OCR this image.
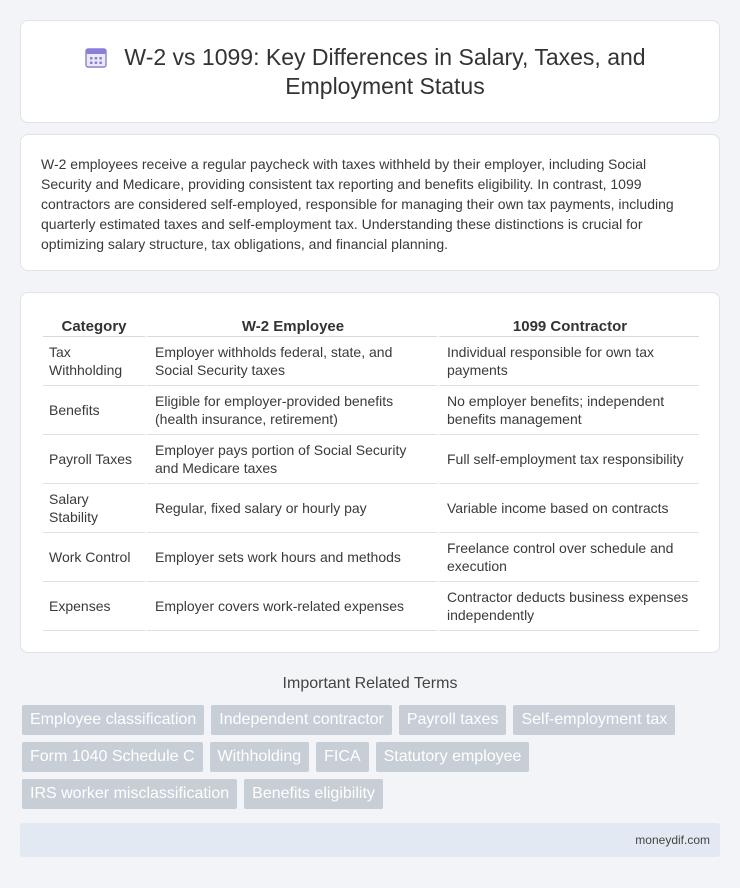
W-2 vs 1099: Key Differences in Salary, Taxes, and Employment Status

W-2 employees receive a regular paycheck with taxes withheld by their employer, including Social Security and Medicare, providing consistent tax reporting and benefits eligibility. In contrast, 1099 contractors are considered self-employed, responsible for managing their own tax payments, including quarterly estimated taxes and self-employment tax. Understanding these distinctions is crucial for optimizing salary structure, tax obligations, and financial planning.

Category	W-2 Employee	1099 Contractor
Tax Withholding	Employer withholds federal, state, and Social Security taxes	Individual responsible for own tax payments
Benefits	Eligible for employer-provided benefits (health insurance, retirement)	No employer benefits; independent benefits management
Payroll Taxes	Employer pays portion of Social Security and Medicare taxes	Full self-employment tax responsibility
Salary Stability	Regular, fixed salary or hourly pay	Variable income based on contracts
Work Control	Employer sets work hours and methods	Freelance control over schedule and execution
Expenses	Employer covers work-related expenses	Contractor deducts business expenses independently
Important Related Terms
Employee classification	Independent contractor	Payroll taxes	Self-employment tax
Form 1040 Schedule C	Withholding	FICA	Statutory employee
IRS worker misclassification	Benefits eligibility
moneydif.com
